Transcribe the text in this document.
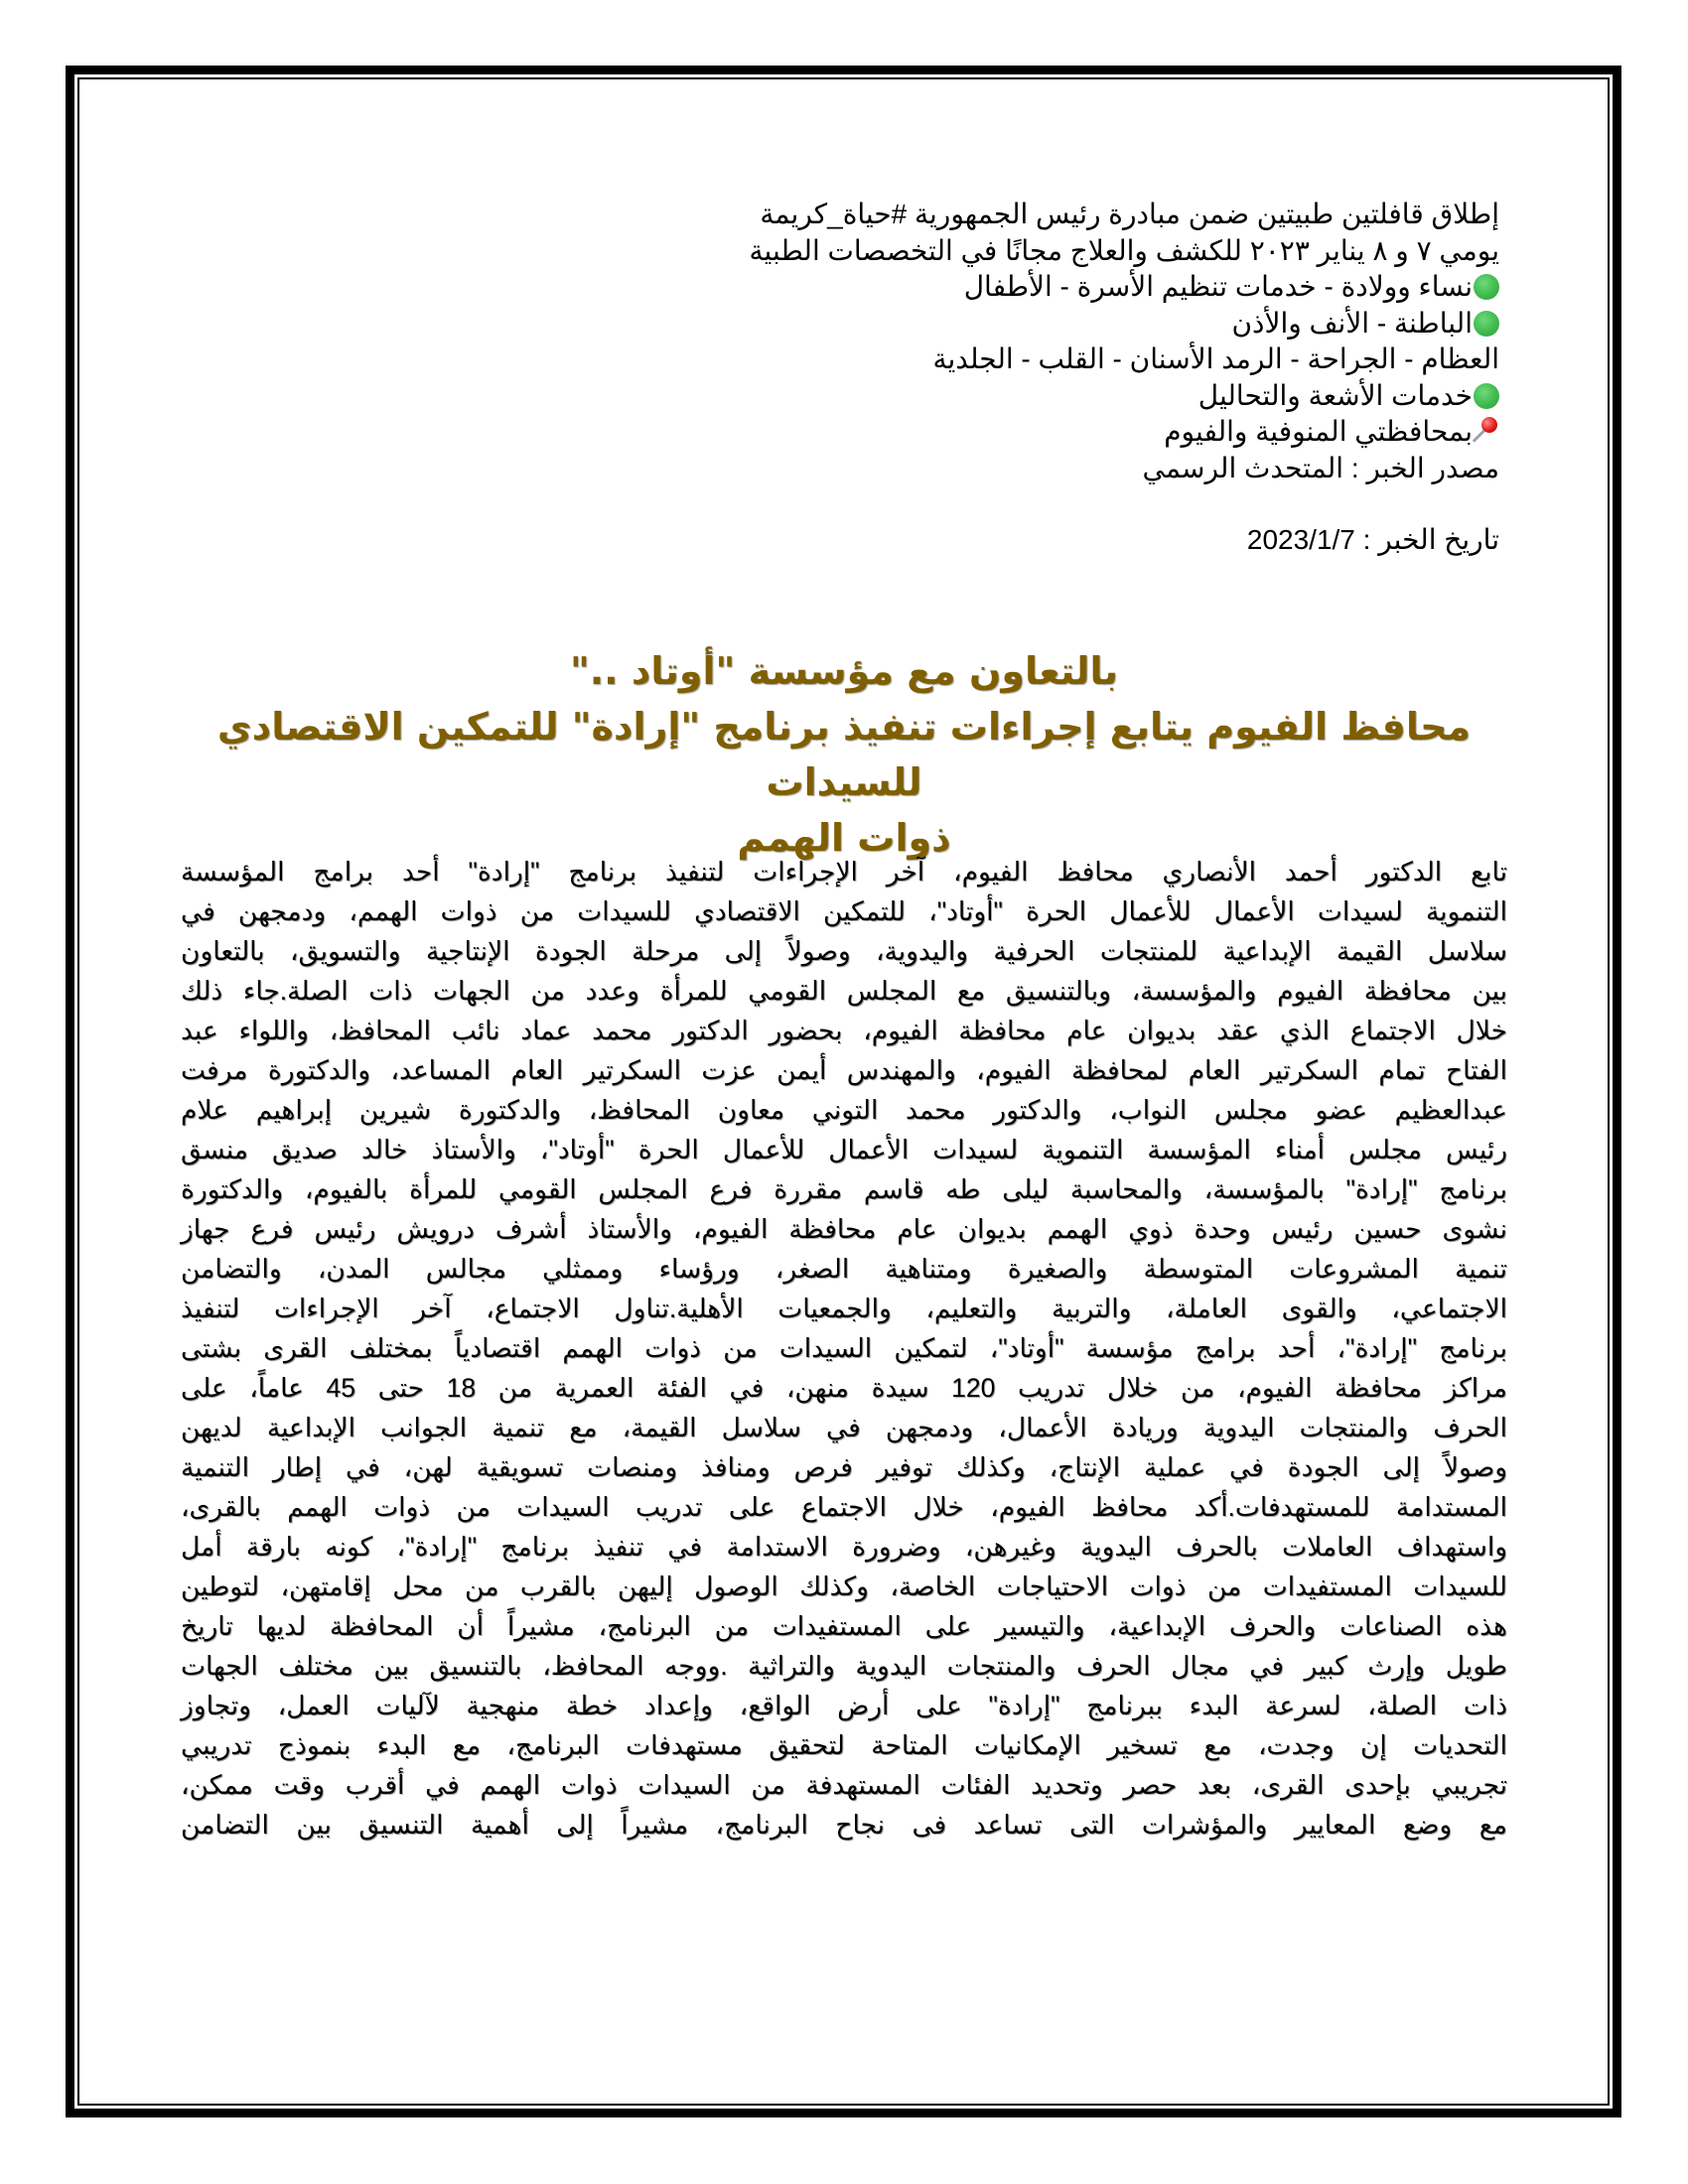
إطلاق قافلتين طبيتين ضمن مبادرة رئيس الجمهورية #حياة_كريمة
يومي ٧ و ٨ يناير ٢٠٢٣ للكشف والعلاج مجانًا في التخصصات الطبية
نساء وولادة - خدمات تنظيم الأسرة - الأطفال
الباطنة - الأنف والأذن
العظام - الجراحة - الرمد الأسنان - القلب - الجلدية
خدمات الأشعة والتحاليل
بمحافظتي المنوفية والفيوم
مصدر الخبر : المتحدث الرسمي
تاريخ الخبر : 2023/1/7
بالتعاون مع مؤسسة "أوتاد .."
محافظ الفيوم يتابع إجراءات تنفيذ برنامج "إرادة" للتمكين الاقتصادي للسيدات
ذوات الهمم
تابع الدكتور أحمد الأنصاري محافظ الفيوم، آخر الإجراءات لتنفيذ برنامج "إرادة" أحد برامج المؤسسة
التنموية لسيدات الأعمال للأعمال الحرة "أوتاد"، للتمكين الاقتصادي للسيدات من ذوات الهمم، ودمجهن في
سلاسل القيمة الإبداعية للمنتجات الحرفية واليدوية، وصولاً إلى مرحلة الجودة الإنتاجية والتسويق، بالتعاون
بين محافظة الفيوم والمؤسسة، وبالتنسيق مع المجلس القومي للمرأة وعدد من الجهات ذات الصلة.جاء ذلك
خلال الاجتماع الذي عقد بديوان عام محافظة الفيوم، بحضور الدكتور محمد عماد نائب المحافظ، واللواء عبد
الفتاح تمام السكرتير العام لمحافظة الفيوم، والمهندس أيمن عزت السكرتير العام المساعد، والدكتورة مرفت
عبدالعظيم عضو مجلس النواب، والدكتور محمد التوني معاون المحافظ، والدكتورة شيرين إبراهيم علام
رئيس مجلس أمناء المؤسسة التنموية لسيدات الأعمال للأعمال الحرة "أوتاد"، والأستاذ خالد صديق منسق
برنامج "إرادة" بالمؤسسة، والمحاسبة ليلى طه قاسم مقررة فرع المجلس القومي للمرأة بالفيوم، والدكتورة
نشوى حسين رئيس وحدة ذوي الهمم بديوان عام محافظة الفيوم، والأستاذ أشرف درويش رئيس فرع جهاز
تنمية المشروعات المتوسطة والصغيرة ومتناهية الصغر، ورؤساء وممثلي مجالس المدن، والتضامن
الاجتماعي، والقوى العاملة، والتربية والتعليم، والجمعيات الأهلية.تناول الاجتماع، آخر الإجراءات لتنفيذ
برنامج "إرادة"، أحد برامج مؤسسة "أوتاد"، لتمكين السيدات من ذوات الهمم اقتصادياً بمختلف القرى بشتى
مراكز محافظة الفيوم، من خلال تدريب 120 سيدة منهن، في الفئة العمرية من 18 حتى 45 عاماً، على
الحرف والمنتجات اليدوية وريادة الأعمال، ودمجهن في سلاسل القيمة، مع تنمية الجوانب الإبداعية لديهن
وصولاً إلى الجودة في عملية الإنتاج، وكذلك توفير فرص ومنافذ ومنصات تسويقية لهن، في إطار التنمية
المستدامة للمستهدفات.أكد محافظ الفيوم، خلال الاجتماع على تدريب السيدات من ذوات الهمم بالقرى،
واستهداف العاملات بالحرف اليدوية وغيرهن، وضرورة الاستدامة في تنفيذ برنامج "إرادة"، كونه بارقة أمل
للسيدات المستفيدات من ذوات الاحتياجات الخاصة، وكذلك الوصول إليهن بالقرب من محل إقامتهن، لتوطين
هذه الصناعات والحرف الإبداعية، والتيسير على المستفيدات من البرنامج، مشيراً أن المحافظة لديها تاريخ
طويل وإرث كبير في مجال الحرف والمنتجات اليدوية والتراثية .ووجه المحافظ، بالتنسيق بين مختلف الجهات
ذات الصلة، لسرعة البدء ببرنامج "إرادة" على أرض الواقع، وإعداد خطة منهجية لآليات العمل، وتجاوز
التحديات إن وجدت، مع تسخير الإمكانيات المتاحة لتحقيق مستهدفات البرنامج، مع البدء بنموذج تدريبي
تجريبي بإحدى القرى، بعد حصر وتحديد الفئات المستهدفة من السيدات ذوات الهمم في أقرب وقت ممكن،
مع وضع المعايير والمؤشرات التى تساعد فى نجاح البرنامج، مشيراً إلى أهمية التنسيق بين التضامن
